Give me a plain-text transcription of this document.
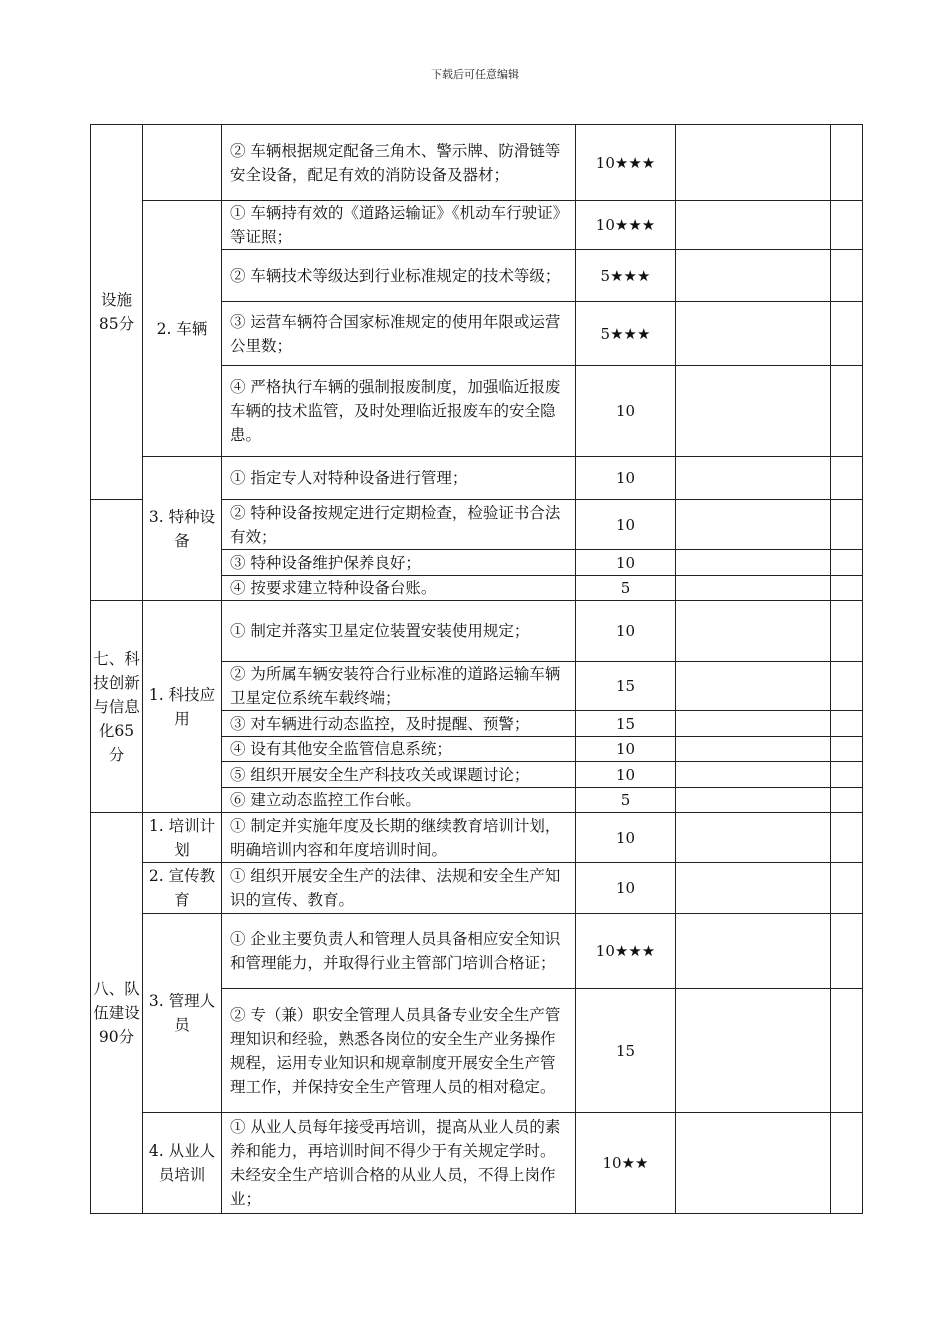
下载后可任意编辑
设施85分		② 车辆根据规定配备三角木、警示牌、防滑链等安全设备，配足有效的消防设备及器材；	10★★★		
	2. 车辆	① 车辆持有效的《道路运输证》《机动车行驶证》等证照；	10★★★		
		② 车辆技术等级达到行业标准规定的技术等级；	5★★★		
		③ 运营车辆符合国家标准规定的使用年限或运营公里数；	5★★★		
		④ 严格执行车辆的强制报废制度，加强临近报废车辆的技术监管，及时处理临近报废车的安全隐患。	10		
	3. 特种设备	① 指定专人对特种设备进行管理；	10		
		② 特种设备按规定进行定期检查，检验证书合法有效；	10		
		③ 特种设备维护保养良好；	10		
		④ 按要求建立特种设备台账。	5		
七、科技创新与信息化65分	1. 科技应用	① 制定并落实卫星定位装置安装使用规定；	10		
		② 为所属车辆安装符合行业标准的道路运输车辆卫星定位系统车载终端；	15		
		③ 对车辆进行动态监控，及时提醒、预警；	15		
		④ 设有其他安全监管信息系统；	10		
		⑤ 组织开展安全生产科技攻关或课题讨论；	10		
		⑥ 建立动态监控工作台帐。	5		
八、队伍建设90分	1. 培训计划	① 制定并实施年度及长期的继续教育培训计划，明确培训内容和年度培训时间。	10		
	2. 宣传教育	① 组织开展安全生产的法律、法规和安全生产知识的宣传、教育。	10		
	3. 管理人员	① 企业主要负责人和管理人员具备相应安全知识和管理能力，并取得行业主管部门培训合格证；	10★★★		
		② 专（兼）职安全管理人员具备专业安全生产管理知识和经验，熟悉各岗位的安全生产业务操作规程，运用专业知识和规章制度开展安全生产管理工作，并保持安全生产管理人员的相对稳定。	15		
	4. 从业人员培训	① 从业人员每年接受再培训，提高从业人员的素养和能力，再培训时间不得少于有关规定学时。未经安全生产培训合格的从业人员，不得上岗作业；	10★★		
